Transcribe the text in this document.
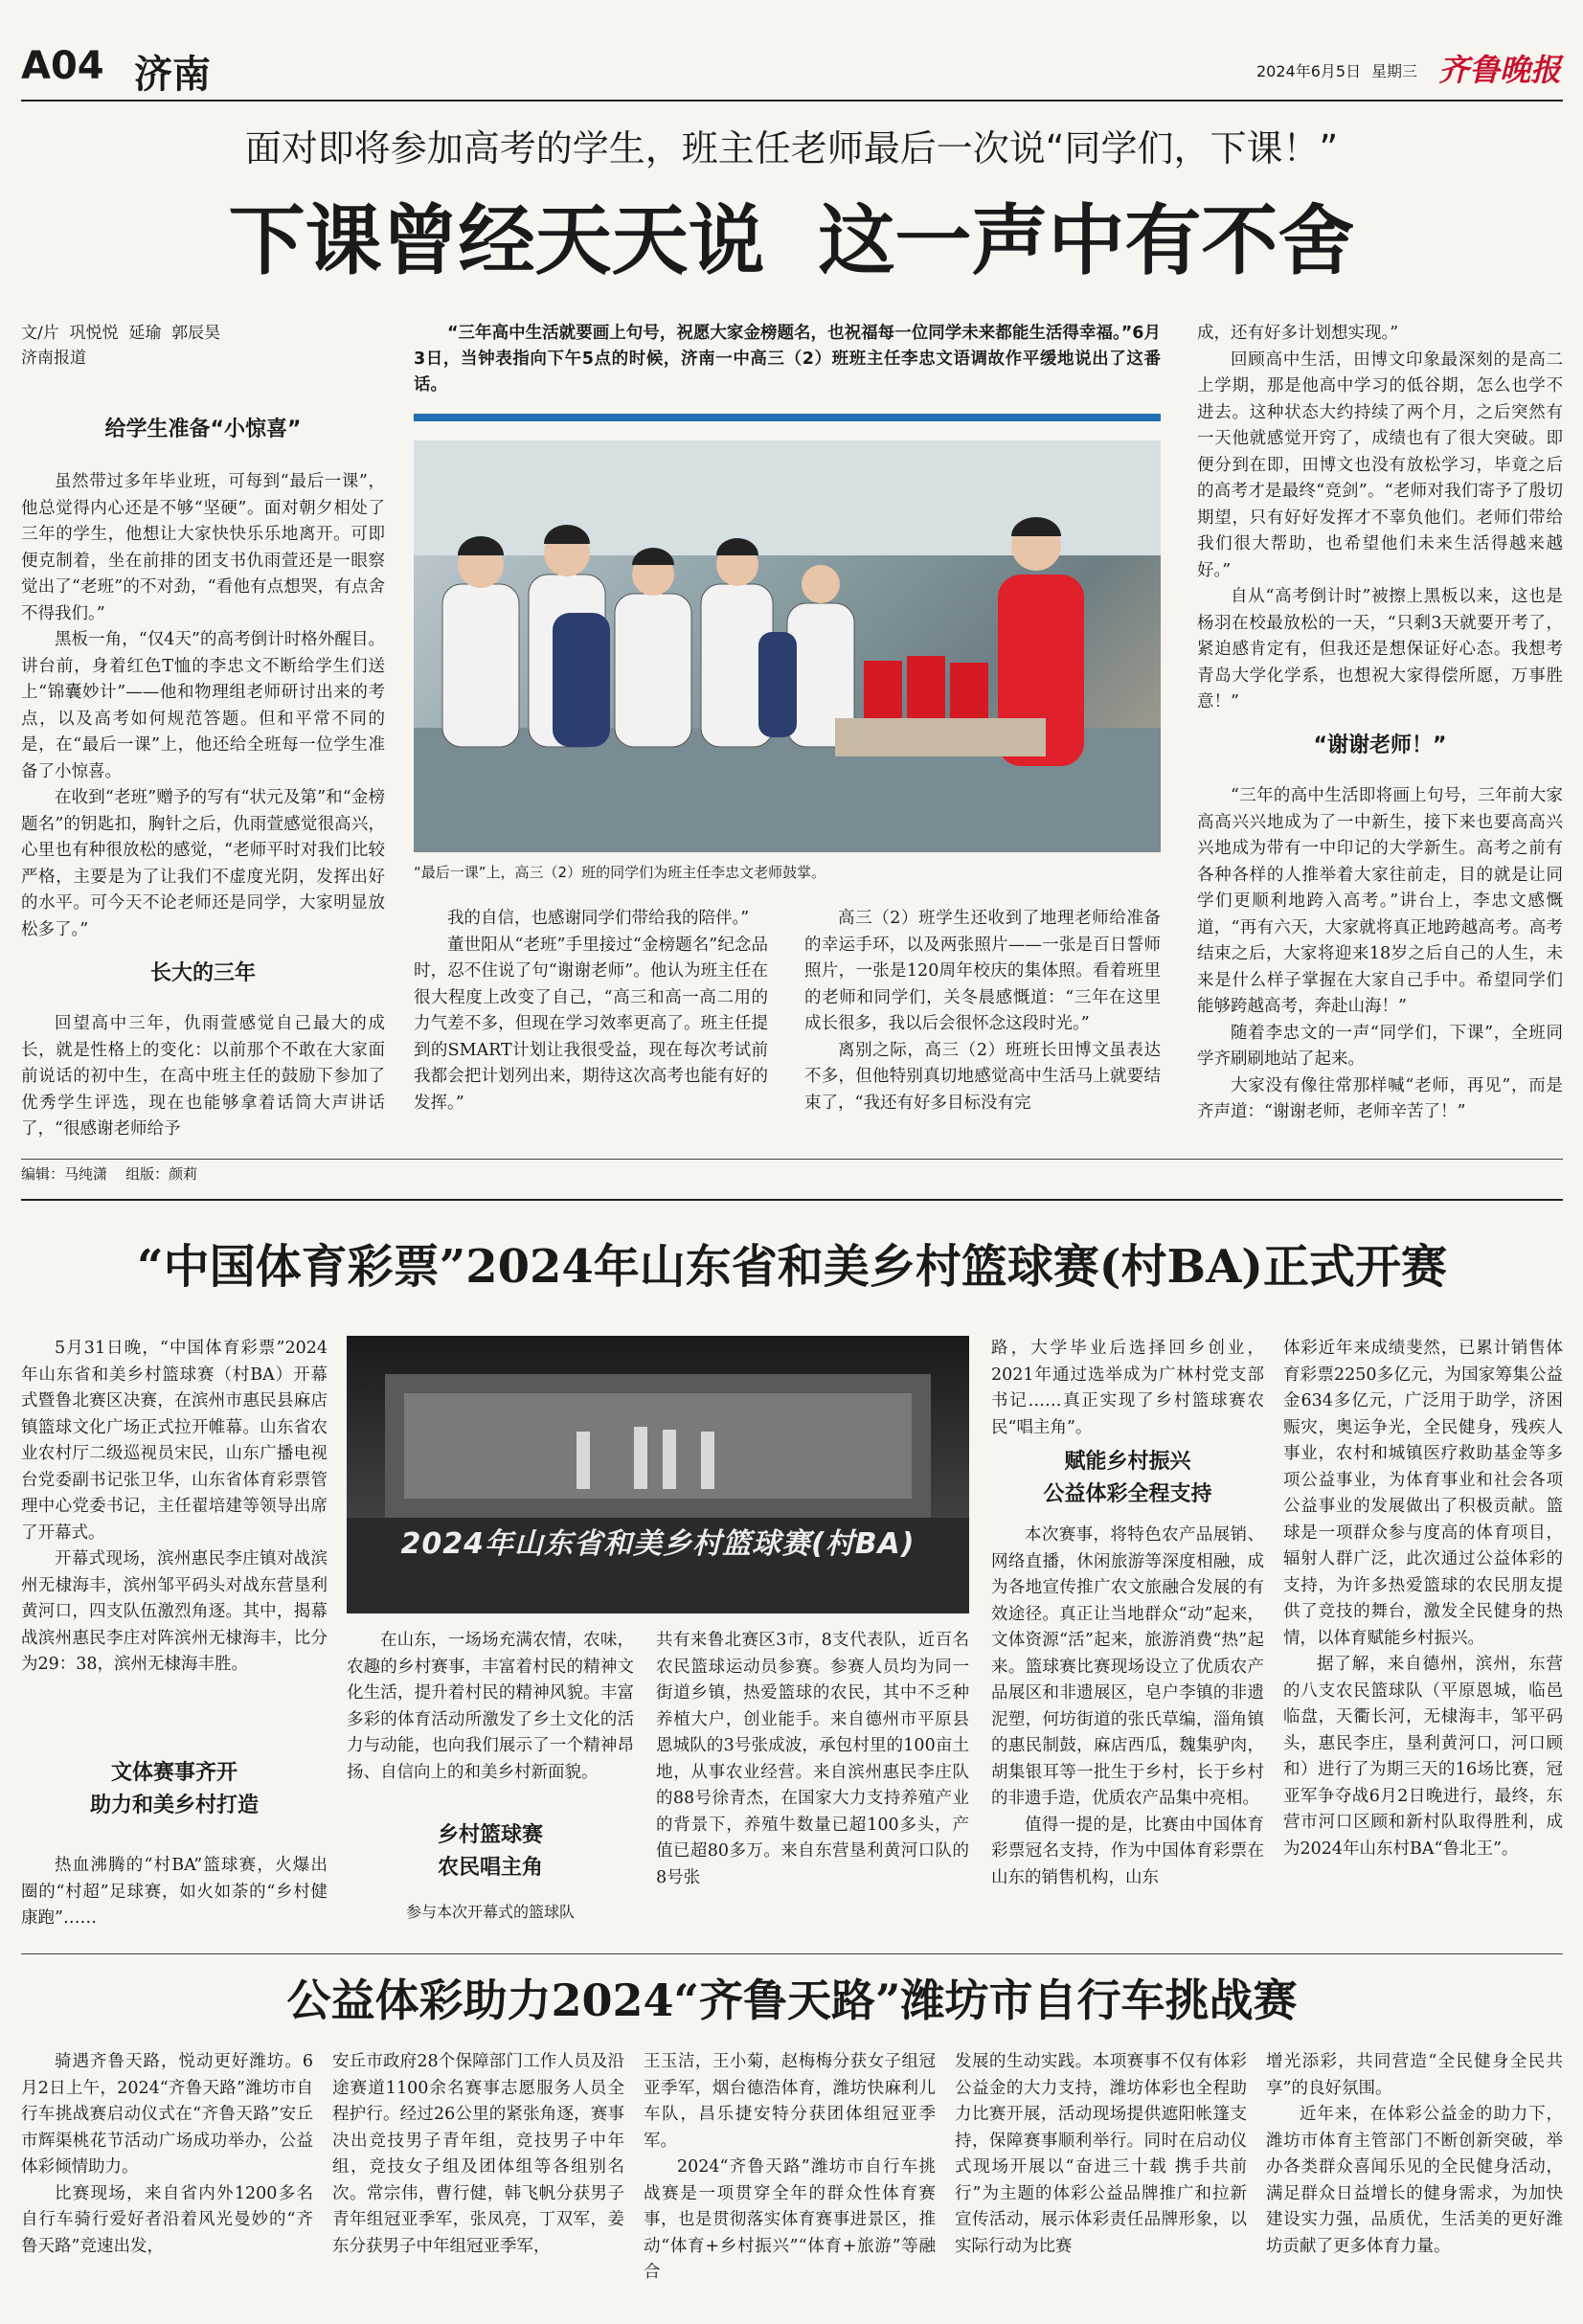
A04 济南	2024年6月5日 星期三 齐鲁晚报
面对即将参加高考的学生，班主任老师最后一次说“同学们，下课！”
下课曾经天天说  这一声中有不舍
文/片  巩悦悦  延瑜  郭辰昊
济南报道
给学生准备“小惊喜”

虽然带过多年毕业班，可每到“最后一课”，他总觉得内心还是不够“坚硬”。面对朝夕相处了三年的学生，他想让大家快快乐乐地离开。可即便克制着，坐在前排的团支书仇雨萱还是一眼察觉出了“老班”的不对劲，“看他有点想哭，有点舍不得我们。”

黑板一角，“仅4天”的高考倒计时格外醒目。讲台前，身着红色T恤的李忠文不断给学生们送上“锦囊妙计”——他和物理组老师研讨出来的考点，以及高考如何规范答题。但和平常不同的是，在“最后一课”上，他还给全班每一位学生准备了小惊喜。

在收到“老班”赠予的写有“状元及第”和“金榜题名”的钥匙扣，胸针之后，仇雨萱感觉很高兴，心里也有种很放松的感觉，“老师平时对我们比较严格，主要是为了让我们不虚度光阴，发挥出好的水平。可今天不论老师还是同学，大家明显放松多了。”

长大的三年

回望高中三年，仇雨萱感觉自己最大的成长，就是性格上的变化：以前那个不敢在大家面前说话的初中生，在高中班主任的鼓励下参加了优秀学生评选，现在也能够拿着话筒大声讲话了，“很感谢老师给予

“三年高中生活就要画上句号，祝愿大家金榜题名，也祝福每一位同学未来都能生活得幸福。”6月3日，当钟表指向下午5点的时候，济南一中高三（2）班班主任李忠文语调故作平缓地说出了这番话。
“最后一课”上，高三（2）班的同学们为班主任李忠文老师鼓掌。

我的自信，也感谢同学们带给我的陪伴。”

董世阳从“老班”手里接过“金榜题名”纪念品时，忍不住说了句“谢谢老师”。他认为班主任在很大程度上改变了自己，“高三和高一高二用的力气差不多，但现在学习效率更高了。班主任提到的SMART计划让我很受益，现在每次考试前我都会把计划列出来，期待这次高考也能有好的发挥。”

高三（2）班学生还收到了地理老师给准备的幸运手环，以及两张照片——一张是百日誓师照片，一张是120周年校庆的集体照。看着班里的老师和同学们，关冬晨感慨道：“三年在这里成长很多，我以后会很怀念这段时光。”

离别之际，高三（2）班班长田博文虽表达不多，但他特别真切地感觉高中生活马上就要结束了，“我还有好多目标没有完

成，还有好多计划想实现。”

回顾高中生活，田博文印象最深刻的是高二上学期，那是他高中学习的低谷期，怎么也学不进去。这种状态大约持续了两个月，之后突然有一天他就感觉开窍了，成绩也有了很大突破。即便分到在即，田博文也没有放松学习，毕竟之后的高考才是最终“竞剑”。“老师对我们寄予了殷切期望，只有好好发挥才不辜负他们。老师们带给我们很大帮助，也希望他们未来生活得越来越好。”

自从“高考倒计时”被擦上黑板以来，这也是杨羽在校最放松的一天，“只剩3天就要开考了，紧迫感肯定有，但我还是想保证好心态。我想考青岛大学化学系，也想祝大家得偿所愿，万事胜意！”

“谢谢老师！”

“三年的高中生活即将画上句号，三年前大家高高兴兴地成为了一中新生，接下来也要高高兴兴地成为带有一中印记的大学新生。高考之前有各种各样的人推举着大家往前走，目的就是让同学们更顺利地跨入高考。”讲台上，李忠文感慨道，“再有六天，大家就将真正地跨越高考。高考结束之后，大家将迎来18岁之后自己的人生，未来是什么样子掌握在大家自己手中。希望同学们能够跨越高考，奔赴山海！”

随着李忠文的一声“同学们，下课”，全班同学齐刷刷地站了起来。

大家没有像往常那样喊“老师，再见”，而是齐声道：“谢谢老师，老师辛苦了！”

编辑：马纯潇    组版：颜莉
“中国体育彩票”2024年山东省和美乡村篮球赛(村BA)正式开赛

5月31日晚，“中国体育彩票”2024年山东省和美乡村篮球赛（村BA）开幕式暨鲁北赛区决赛，在滨州市惠民县麻店镇篮球文化广场正式拉开帷幕。山东省农业农村厅二级巡视员宋民，山东广播电视台党委副书记张卫华，山东省体育彩票管理中心党委书记，主任翟培建等领导出席了开幕式。

开幕式现场，滨州惠民李庄镇对战滨州无棣海丰，滨州邹平码头对战东营垦利黄河口，四支队伍激烈角逐。其中，揭幕战滨州惠民李庄对阵滨州无棣海丰，比分为29：38，滨州无棣海丰胜。

文体赛事齐开
助力和美乡村打造

热血沸腾的“村BA”篮球赛，火爆出圈的“村超”足球赛，如火如荼的“乡村健康跑”……

2024年山东省和美乡村篮球赛(村BA)

在山东，一场场充满农情，农味，农趣的乡村赛事，丰富着村民的精神文化生活，提升着村民的精神风貌。丰富多彩的体育活动所激发了乡土文化的活力与动能，也向我们展示了一个精神昂扬、自信向上的和美乡村新面貌。

乡村篮球赛
农民唱主角
参与本次开幕式的篮球队

共有来鲁北赛区3市，8支代表队，近百名农民篮球运动员参赛。参赛人员均为同一街道乡镇，热爱篮球的农民，其中不乏种养植大户，创业能手。来自德州市平原县恩城队的3号张成波，承包村里的100亩土地，从事农业经营。来自滨州惠民李庄队的88号徐青杰，在国家大力支持养殖产业的背景下，养殖牛数量已超100多头，产值已超80多万。来自东营垦利黄河口队的8号张

路，大学毕业后选择回乡创业，2021年通过选举成为广林村党支部书记……真正实现了乡村篮球赛农民“唱主角”。

赋能乡村振兴
公益体彩全程支持

本次赛事，将特色农产品展销、网络直播，休闲旅游等深度相融，成为各地宣传推广农文旅融合发展的有效途径。真正让当地群众“动”起来，文体资源“活”起来，旅游消费“热”起来。篮球赛比赛现场设立了优质农产品展区和非遗展区，皂户李镇的非遗泥塑，何坊街道的张氏草编，淄角镇的惠民制鼓，麻店西瓜，魏集驴肉，胡集银耳等一批生于乡村，长于乡村的非遗手造，优质农产品集中亮相。

值得一提的是，比赛由中国体育彩票冠名支持，作为中国体育彩票在山东的销售机构，山东

体彩近年来成绩斐然，已累计销售体育彩票2250多亿元，为国家筹集公益金634多亿元，广泛用于助学，济困赈灾，奥运争光，全民健身，残疾人事业，农村和城镇医疗救助基金等多项公益事业，为体育事业和社会各项公益事业的发展做出了积极贡献。篮球是一项群众参与度高的体育项目，辐射人群广泛，此次通过公益体彩的支持，为许多热爱篮球的农民朋友提供了竞技的舞台，激发全民健身的热情，以体育赋能乡村振兴。

据了解，来自德州，滨州，东营的八支农民篮球队（平原恩城，临邑临盘，天衢长河，无棣海丰，邹平码头，惠民李庄，垦利黄河口，河口顾和）进行了为期三天的16场比赛，冠亚军争夺战6月2日晚进行，最终，东营市河口区顾和新村队取得胜利，成为2024年山东村BA“鲁北王”。

公益体彩助力2024“齐鲁天路”潍坊市自行车挑战赛

骑遇齐鲁天路，悦动更好潍坊。6月2日上午，2024“齐鲁天路”潍坊市自行车挑战赛启动仪式在“齐鲁天路”安丘市辉渠桃花节活动广场成功举办，公益体彩倾情助力。

比赛现场，来自省内外1200多名自行车骑行爱好者沿着风光曼妙的“齐鲁天路”竞速出发，

安丘市政府28个保障部门工作人员及沿途赛道1100余名赛事志愿服务人员全程护行。经过26公里的紧张角逐，赛事决出竞技男子青年组，竞技男子中年组，竞技女子组及团体组等各组别名次。常宗伟，曹行健，韩飞帆分获男子青年组冠亚季军，张凤亮，丁双军，姜东分获男子中年组冠亚季军，

王玉洁，王小菊，赵梅梅分获女子组冠亚季军，烟台德浩体育，潍坊快麻利儿车队，昌乐捷安特分获团体组冠亚季军。

2024“齐鲁天路”潍坊市自行车挑战赛是一项贯穿全年的群众性体育赛事，也是贯彻落实体育赛事进景区，推动“体育+乡村振兴”“体育+旅游”等融合

发展的生动实践。本项赛事不仅有体彩公益金的大力支持，潍坊体彩也全程助力比赛开展，活动现场提供遮阳帐篷支持，保障赛事顺利举行。同时在启动仪式现场开展以“奋进三十载 携手共前行”为主题的体彩公益品牌推广和拉新宣传活动，展示体彩责任品牌形象，以实际行动为比赛

增光添彩，共同营造“全民健身全民共享”的良好氛围。

近年来，在体彩公益金的助力下，潍坊市体育主管部门不断创新突破，举办各类群众喜闻乐见的全民健身活动，满足群众日益增长的健身需求，为加快建设实力强，品质优，生活美的更好潍坊贡献了更多体育力量。
